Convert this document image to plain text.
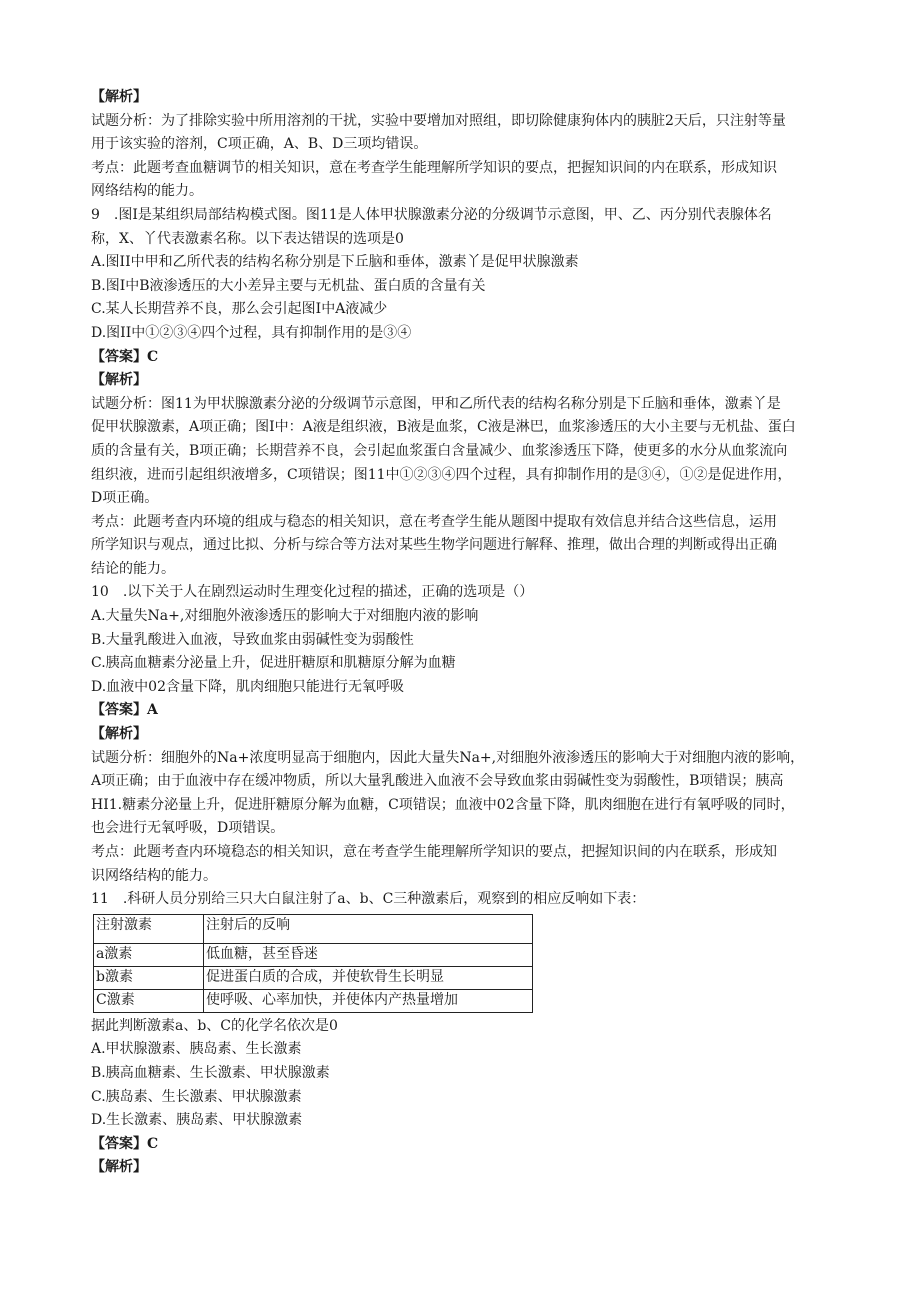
【解析】

试题分析：为了排除实验中所用溶剂的干扰，实验中要增加对照组，即切除健康狗体内的胰脏2天后，只注射等量

用于该实验的溶剂，C项正确，A、B、D三项均错误。

考点：此题考查血糖调节的相关知识，意在考查学生能理解所学知识的要点，把握知识间的内在联系，形成知识

网络结构的能力。

9　.图I是某组织局部结构模式图。图11是人体甲状腺激素分泌的分级调节示意图，甲、乙、丙分别代表腺体名

称，X、丫代表激素名称。以下表达错误的选项是0

A.图II中甲和乙所代表的结构名称分别是下丘脑和垂体，激素丫是促甲状腺激素

B.图I中B液渗透压的大小差异主要与无机盐、蛋白质的含量有关

C.某人长期营养不良，那么会引起图I中A液减少

D.图II中①②③④四个过程，具有抑制作用的是③④

【答案】C

【解析】

试题分析：图11为甲状腺激素分泌的分级调节示意图，甲和乙所代表的结构名称分别是下丘脑和垂体，激素丫是

促甲状腺激素，A项正确；图I中：A液是组织液，B液是血浆，C液是淋巴，血浆渗透压的大小主要与无机盐、蛋白

质的含量有关，B项正确；长期营养不良，会引起血浆蛋白含量减少、血浆渗透压下降，使更多的水分从血浆流向

组织液，进而引起组织液增多，C项错误；图11中①②③④四个过程，具有抑制作用的是③④，①②是促进作用，

D项正确。

考点：此题考查内环境的组成与稳态的相关知识，意在考查学生能从题图中提取有效信息并结合这些信息，运用

所学知识与观点，通过比拟、分析与综合等方法对某些生物学问题进行解释、推理，做出合理的判断或得出正确

结论的能力。

10　.以下关于人在剧烈运动时生理变化过程的描述，正确的选项是（）

A.大量失Na+,对细胞外液渗透压的影响大于对细胞内液的影响

B.大量乳酸进入血液，导致血浆由弱碱性变为弱酸性

C.胰高血糖素分泌量上升，促进肝糖原和肌糖原分解为血糖

D.血液中02含量下降，肌肉细胞只能进行无氧呼吸

【答案】A

【解析】

试题分析：细胞外的Na+浓度明显高于细胞内，因此大量失Na+,对细胞外液渗透压的影响大于对细胞内液的影响，

A项正确；由于血液中存在缓冲物质，所以大量乳酸进入血液不会导致血浆由弱碱性变为弱酸性，B项错误；胰高

HI1.糖素分泌量上升，促进肝糖原分解为血糖，C项错误；血液中02含量下降，肌肉细胞在进行有氧呼吸的同时，

也会进行无氧呼吸，D项错误。

考点：此题考查内环境稳态的相关知识，意在考查学生能理解所学知识的要点，把握知识间的内在联系，形成知

识网络结构的能力。

11　.科研人员分别给三只大白鼠注射了a、b、C三种激素后，观察到的相应反响如下表：

注射激素	注射后的反响
a激素	低血糖，甚至昏迷
b激素	促进蛋白质的合成，并使软骨生长明显
C激素	使呼吸、心率加快，并使体内产热量增加

据此判断激素a、b、C的化学名依次是0

A.甲状腺激素、胰岛素、生长激素

B.胰高血糖素、生长激素、甲状腺激素

C.胰岛素、生长激素、甲状腺激素

D.生长激素、胰岛素、甲状腺激素

【答案】C

【解析】
